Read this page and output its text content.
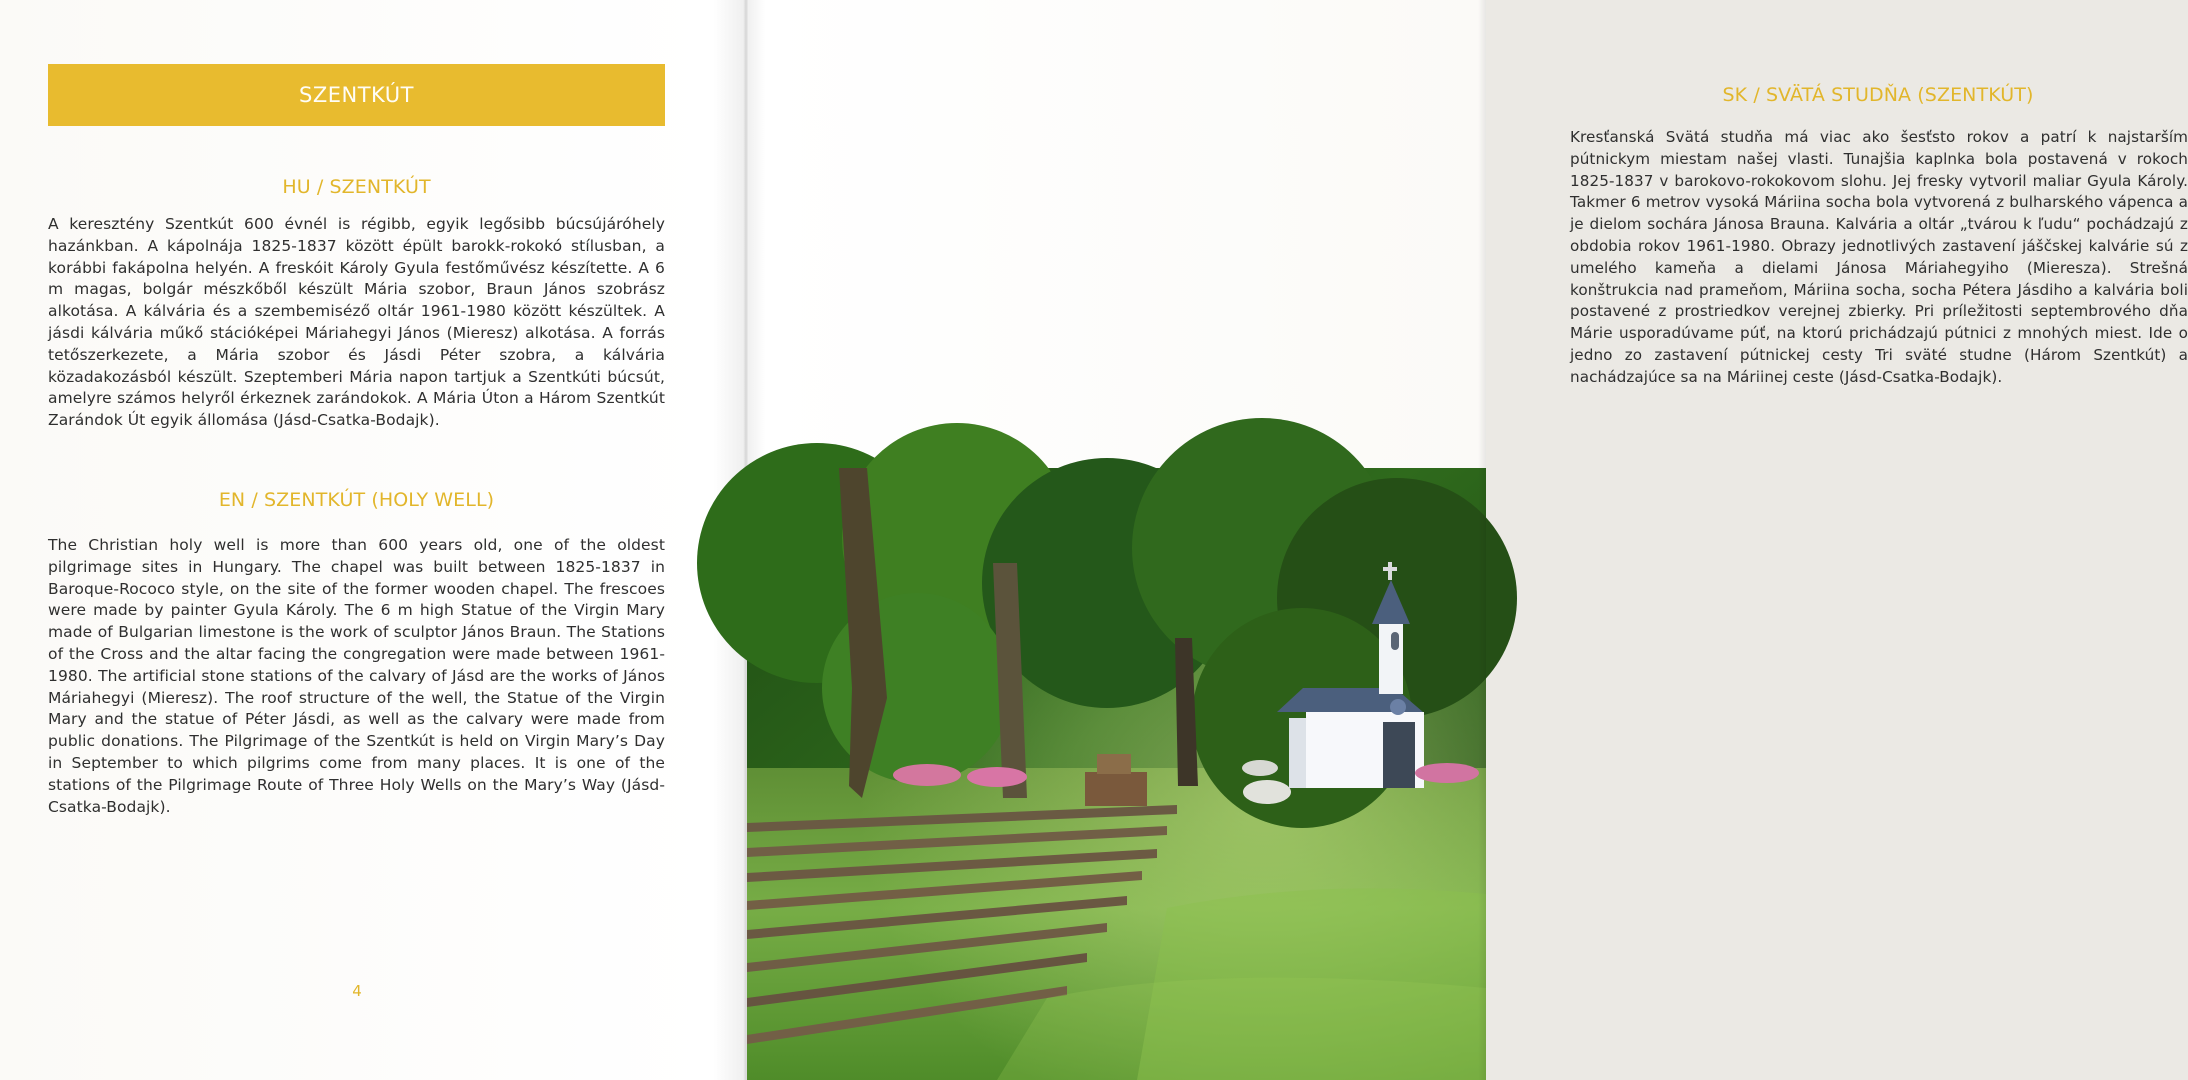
SZENTKÚT
HU / SZENTKÚT

A keresztény Szentkút 600 évnél is régibb, egyik legősibb búcsújáróhely hazánkban. A kápolnája 1825-1837 között épült barokk-rokokó stílusban, a korábbi fakápolna helyén. A freskóit Károly Gyula festőművész készítette. A 6 m magas, bolgár mészkőből készült Mária szobor, Braun János szobrász alkotása. A kálvária és a szembemiséző oltár 1961-1980 között készültek. A jásdi kálvária műkő stációképei Máriahegyi János (Mieresz) alkotása. A forrás tetőszerkezete, a Mária szobor és Jásdi Péter szobra, a kálvária közadakozásból készült. Szeptemberi Mária napon tartjuk a Szentkúti búcsút, amelyre számos helyről érkeznek zarándokok. A Mária Úton a Három Szentkút Zarándok Út egyik állomása (Jásd-Csatka-Bodajk).

EN / SZENTKÚT (HOLY WELL)

The Christian holy well is more than 600 years old, one of the oldest pilgrimage sites in Hungary. The chapel was built between 1825-1837 in Baroque-Rococo style, on the site of the former wooden chapel. The frescoes were made by painter Gyula Károly. The 6 m high Statue of the Virgin Mary made of Bulgarian limestone is the work of sculptor János Braun. The Stations of the Cross and the altar facing the congregation were made between 1961-1980. The artificial stone stations of the calvary of Jásd are the works of János Máriahegyi (Mieresz). The roof structure of the well, the Statue of the Virgin Mary and the statue of Péter Jásdi, as well as the calvary were made from public donations. The Pilgrimage of the Szentkút is held on Virgin Mary’s Day in September to which pilgrims come from many places. It is one of the stations of the Pilgrimage Route of Three Holy Wells on the Mary’s Way (Jásd-Csatka-Bodajk).

4
SK / SVÄTÁ STUDŇA (SZENTKÚT)

Kresťanská Svätá studňa má viac ako šesťsto rokov a patrí k najstarším pútnickym miestam našej vlasti. Tunajšia kaplnka bola postavená v rokoch 1825-1837 v barokovo-rokokovom slohu. Jej fresky vytvoril maliar Gyula Károly. Takmer 6 metrov vysoká Máriina socha bola vytvorená z bulharského vápenca a je dielom sochára Jánosa Brauna. Kalvária a oltár „tvárou k ľudu“ pochádzajú z obdobia rokov 1961-1980. Obrazy jednotlivých zastavení jáščskej kalvárie sú z umelého kameňa a dielami Jánosa Máriahegyiho (Mieresza). Strešná konštrukcia nad prameňom, Máriina socha, socha Pétera Jásdiho a kalvária boli postavené z prostriedkov verejnej zbierky. Pri príležitosti septembrového dňa Márie usporadúvame púť, na ktorú prichádzajú pútnici z mnohých miest. Ide o jedno zo zastavení pútnickej cesty Tri sväté studne (Három Szentkút) a nachádzajúce sa na Máriinej ceste (Jásd-Csatka-Bodajk).
